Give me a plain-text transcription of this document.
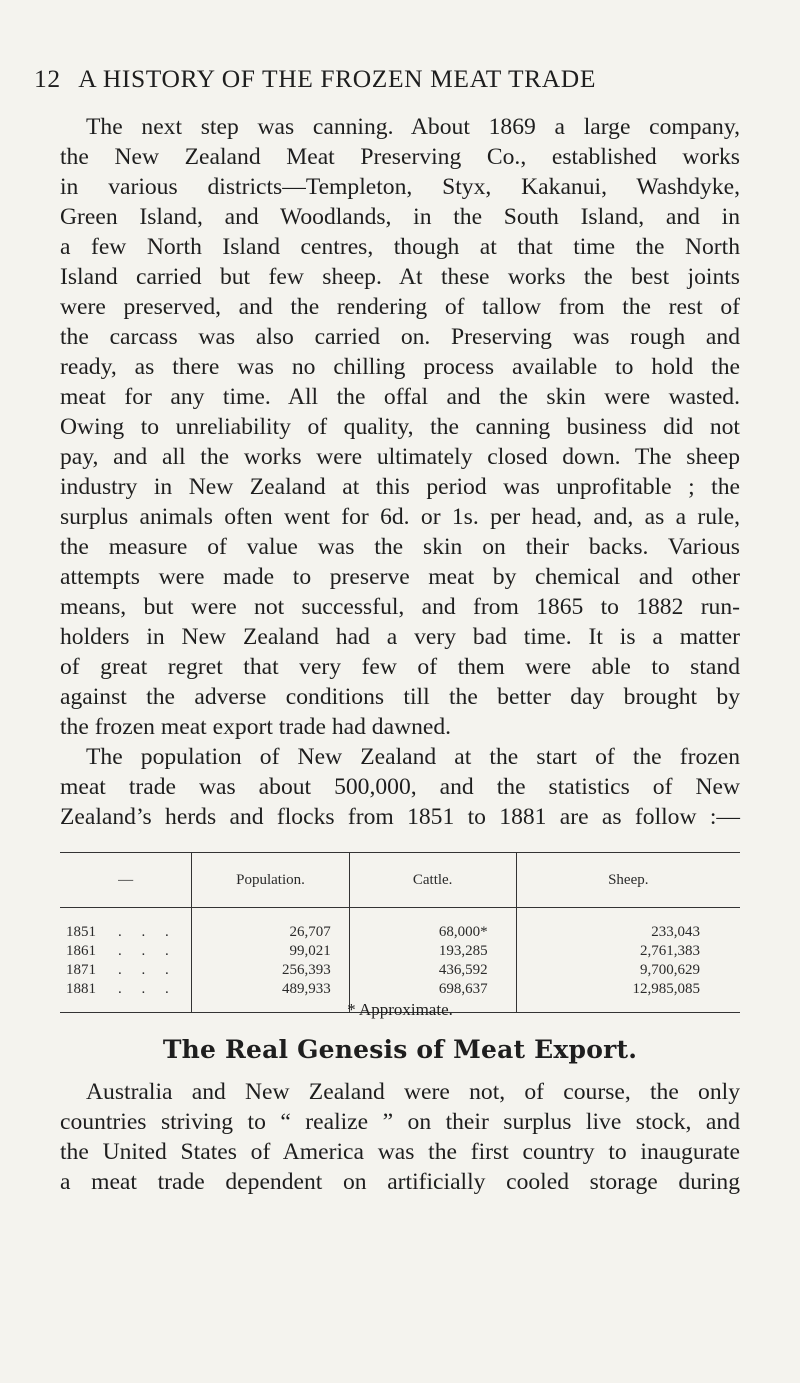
12 A HISTORY OF THE FROZEN MEAT TRADE
The next step was canning. About 1869 a large company,
the New Zealand Meat Preserving Co., established works
in various districts—Templeton, Styx, Kakanui, Washdyke,
Green Island, and Woodlands, in the South Island, and in
a few North Island centres, though at that time the North
Island carried but few sheep. At these works the best joints
were preserved, and the rendering of tallow from the rest of
the carcass was also carried on. Preserving was rough and
ready, as there was no chilling process available to hold the
meat for any time. All the offal and the skin were wasted.
Owing to unreliability of quality, the canning business did not
pay, and all the works were ultimately closed down. The sheep
industry in New Zealand at this period was unprofitable ; the
surplus animals often went for 6d. or 1s. per head, and, as a rule,
the measure of value was the skin on their backs. Various
attempts were made to preserve meat by chemical and other
means, but were not successful, and from 1865 to 1882 run-
holders in New Zealand had a very bad time. It is a matter
of great regret that very few of them were able to stand
against the adverse conditions till the better day brought by
the frozen meat export trade had dawned.
The population of New Zealand at the start of the frozen
meat trade was about 500,000, and the statistics of New
Zealand’s herds and flocks from 1851 to 1881 are as follow :—
—	Population.	Cattle.	Sheep.
1851 . . .	26,707	68,000*	233,043
1861 . . .	99,021	193,285	2,761,383
1871 . . .	256,393	436,592	9,700,629
1881 . . .	489,933	698,637	12,985,085
* Approximate.
The Real Genesis of Meat Export.
Australia and New Zealand were not, of course, the only
countries striving to “ realize ” on their surplus live stock, and
the United States of America was the first country to inaugurate
a meat trade dependent on artificially cooled storage during
